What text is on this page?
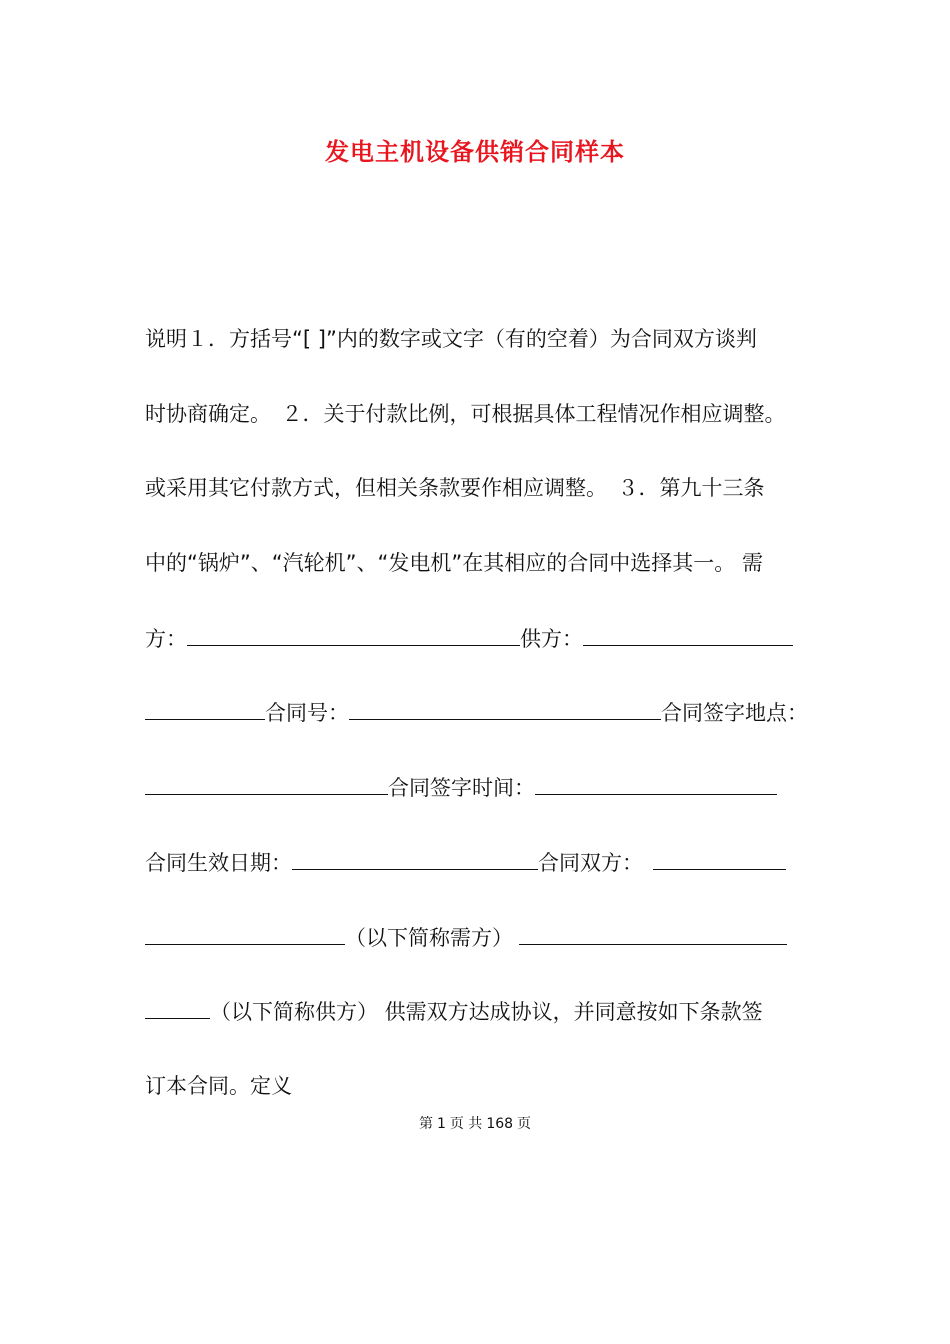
发电主机设备供销合同样本
说明１．方括号“[ ]”内的数字或文字（有的空着）为合同双方谈判
时协商确定。　２．关于付款比例，可根据具体工程情况作相应调整。
或采用其它付款方式，但相关条款要作相应调整。　３．第九十三条
中的“锅炉”、“汽轮机”、“发电机”在其相应的合同中选择其一。 需
方：	供方：
合同号：	合同签字地点：
合同签字时间：
合同生效日期：	合同双方：
（以下简称需方）
（以下简称供方） 供需双方达成协议，并同意按如下条款签
订本合同。定义
第 1 页 共 168 页
